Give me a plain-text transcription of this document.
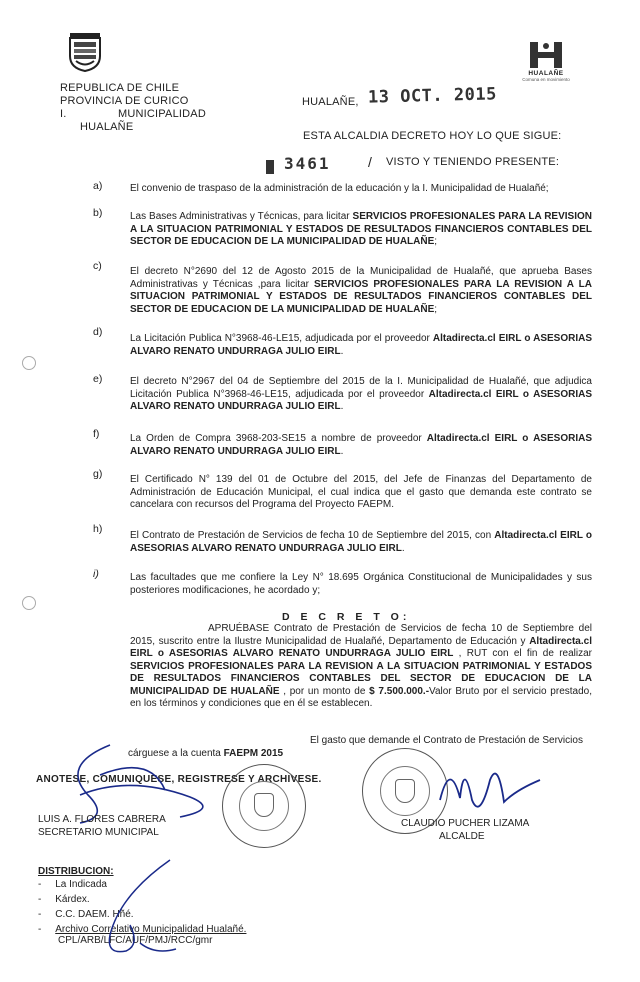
REPUBLICA DE CHILE
PROVINCIA DE CURICO
I.	MUNICIPALIDAD
HUALAÑE
HUALAÑE
Comuna en movimiento
HUALAÑE, 13 OCT. 2015
ESTA ALCALDIA DECRETO HOY LO QUE SIGUE:
3461	/ VISTO Y TENIENDO PRESENTE:
a)	El convenio de traspaso de la administración de la educación y la I. Municipalidad de Hualañé;
b)	Las Bases Administrativas y Técnicas, para licitar SERVICIOS PROFESIONALES PARA LA REVISION A LA SITUACION PATRIMONIAL Y ESTADOS DE RESULTADOS FINANCIEROS CONTABLES DEL SECTOR DE EDUCACION DE LA MUNICIPALIDAD DE HUALAÑE;
c)	El decreto N°2690 del 12 de Agosto 2015 de la Municipalidad de Hualañé, que aprueba Bases Administrativas y Técnicas ,para licitar SERVICIOS PROFESIONALES PARA LA REVISION A LA SITUACION PATRIMONIAL Y ESTADOS DE RESULTADOS FINANCIEROS CONTABLES DEL SECTOR DE EDUCACION DE LA MUNICIPALIDAD DE HUALAÑE;
d)
La Licitación Publica N°3968-46-LE15, adjudicada por el proveedor Altadirecta.cl EIRL o ASESORIAS ALVARO RENATO UNDURRAGA JULIO EIRL.
e)	El decreto N°2967 del 04 de Septiembre del 2015 de la I. Municipalidad de Hualañé, que adjudica Licitación Publica N°3968-46-LE15, adjudicada por el proveedor Altadirecta.cl EIRL o ASESORIAS ALVARO RENATO UNDURRAGA JULIO EIRL.
f)	La Orden de Compra 3968-203-SE15 a nombre de proveedor Altadirecta.cl EIRL o ASESORIAS ALVARO RENATO UNDURRAGA JULIO EIRL.
g)	El Certificado N° 139 del 01 de Octubre del 2015, del Jefe de Finanzas del Departamento de Administración de Educación Municipal, el cual indica que el gasto que demanda este contrato se cancelara con recursos del Programa del Proyecto FAEPM.
h)
El Contrato de Prestación de Servicios de fecha 10 de Septiembre del 2015, con Altadirecta.cl EIRL o ASESORIAS ALVARO RENATO UNDURRAGA JULIO EIRL.
i)	Las facultades que me confiere la Ley N° 18.695 Orgánica Constitucional de Municipalidades y sus posteriores modificaciones, he acordado y;
D E C R E T O:
APRUÉBASE Contrato de Prestación de Servicios de fecha 10 de Septiembre del 2015, suscrito entre la Ilustre Municipalidad de Hualañé, Departamento de Educación y Altadirecta.cl EIRL o ASESORIAS ALVARO RENATO UNDURRAGA JULIO EIRL , RUT con el fin de realizar SERVICIOS PROFESIONALES PARA LA REVISION A LA SITUACION PATRIMONIAL Y ESTADOS DE RESULTADOS FINANCIEROS CONTABLES DEL SECTOR DE EDUCACION DE LA MUNICIPALIDAD DE HUALAÑE , por un monto de $ 7.500.000.-Valor Bruto por el servicio prestado, en los términos y condiciones que en él se establecen.
El gasto que demande el Contrato de Prestación de Servicios
cárguese a la cuenta FAEPM 2015
ANOTESE, COMUNIQUESE, REGISTRESE Y ARCHIVESE.
LUIS A. FLORES CABRERA
SECRETARIO MUNICIPAL
CLAUDIO PUCHER LIZAMA
ALCALDE
DISTRIBUCION:
-     La Indicada
-     Kárdex.
-     C.C. DAEM. Hñé.
-     Archivo Correlativo Municipalidad Hualañé.
CPL/ARB/LFC/AUF/PMJ/RCC/gmr
